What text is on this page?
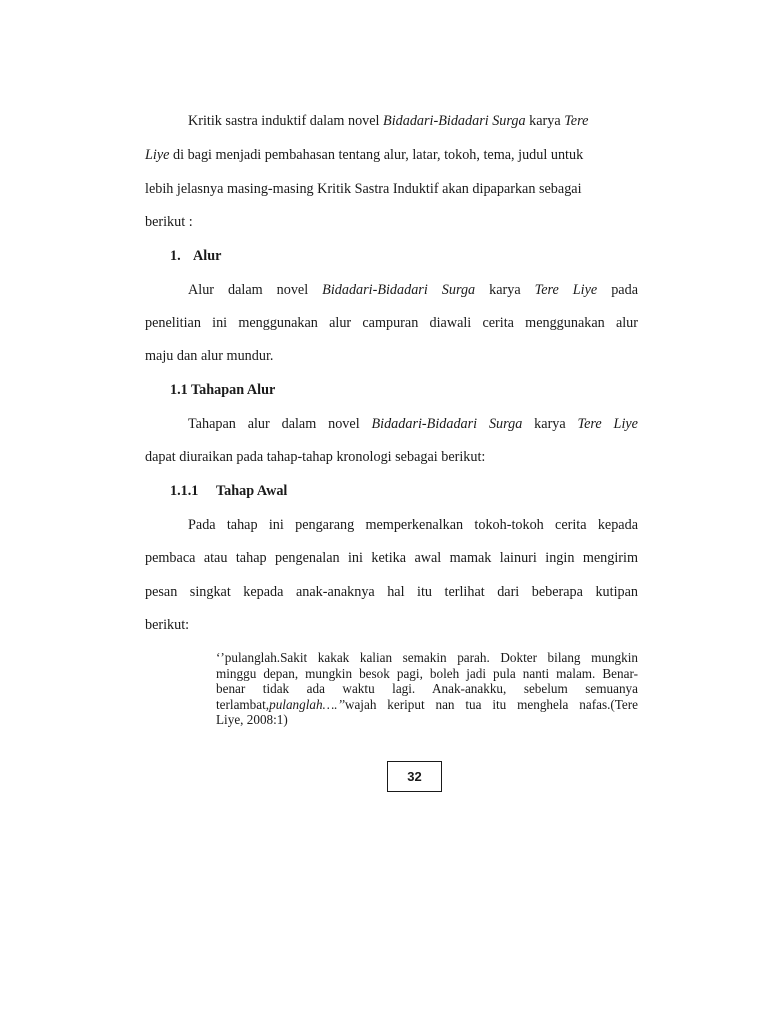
Kritik sastra induktif dalam novel Bidadari-Bidadari Surga karya Tere
Liye di bagi menjadi pembahasan tentang alur, latar, tokoh, tema, judul untuk
lebih jelasnya masing-masing Kritik Sastra Induktif akan dipaparkan sebagai
berikut :
1. Alur
Alur dalam novel Bidadari-Bidadari Surga karya Tere Liye pada
penelitian ini menggunakan alur campuran diawali cerita menggunakan alur
maju dan alur mundur.
1.1 Tahapan Alur
Tahapan alur dalam novel Bidadari-Bidadari Surga karya Tere Liye
dapat diuraikan pada tahap-tahap kronologi sebagai berikut:
1.1.1 Tahap Awal
Pada tahap ini pengarang memperkenalkan tokoh-tokoh cerita kepada
pembaca atau tahap pengenalan ini ketika awal mamak lainuri ingin mengirim
pesan singkat kepada anak-anaknya hal itu terlihat dari beberapa kutipan
berikut:
‘’pulanglah.Sakit kakak kalian semakin parah. Dokter bilang mungkin
minggu depan, mungkin besok pagi, boleh jadi pula nanti malam. Benar-
benar tidak ada waktu lagi. Anak-anakku, sebelum semuanya
terlambat,pulanglah….’’wajah keriput nan tua itu menghela nafas.(Tere
Liye, 2008:1)
32
